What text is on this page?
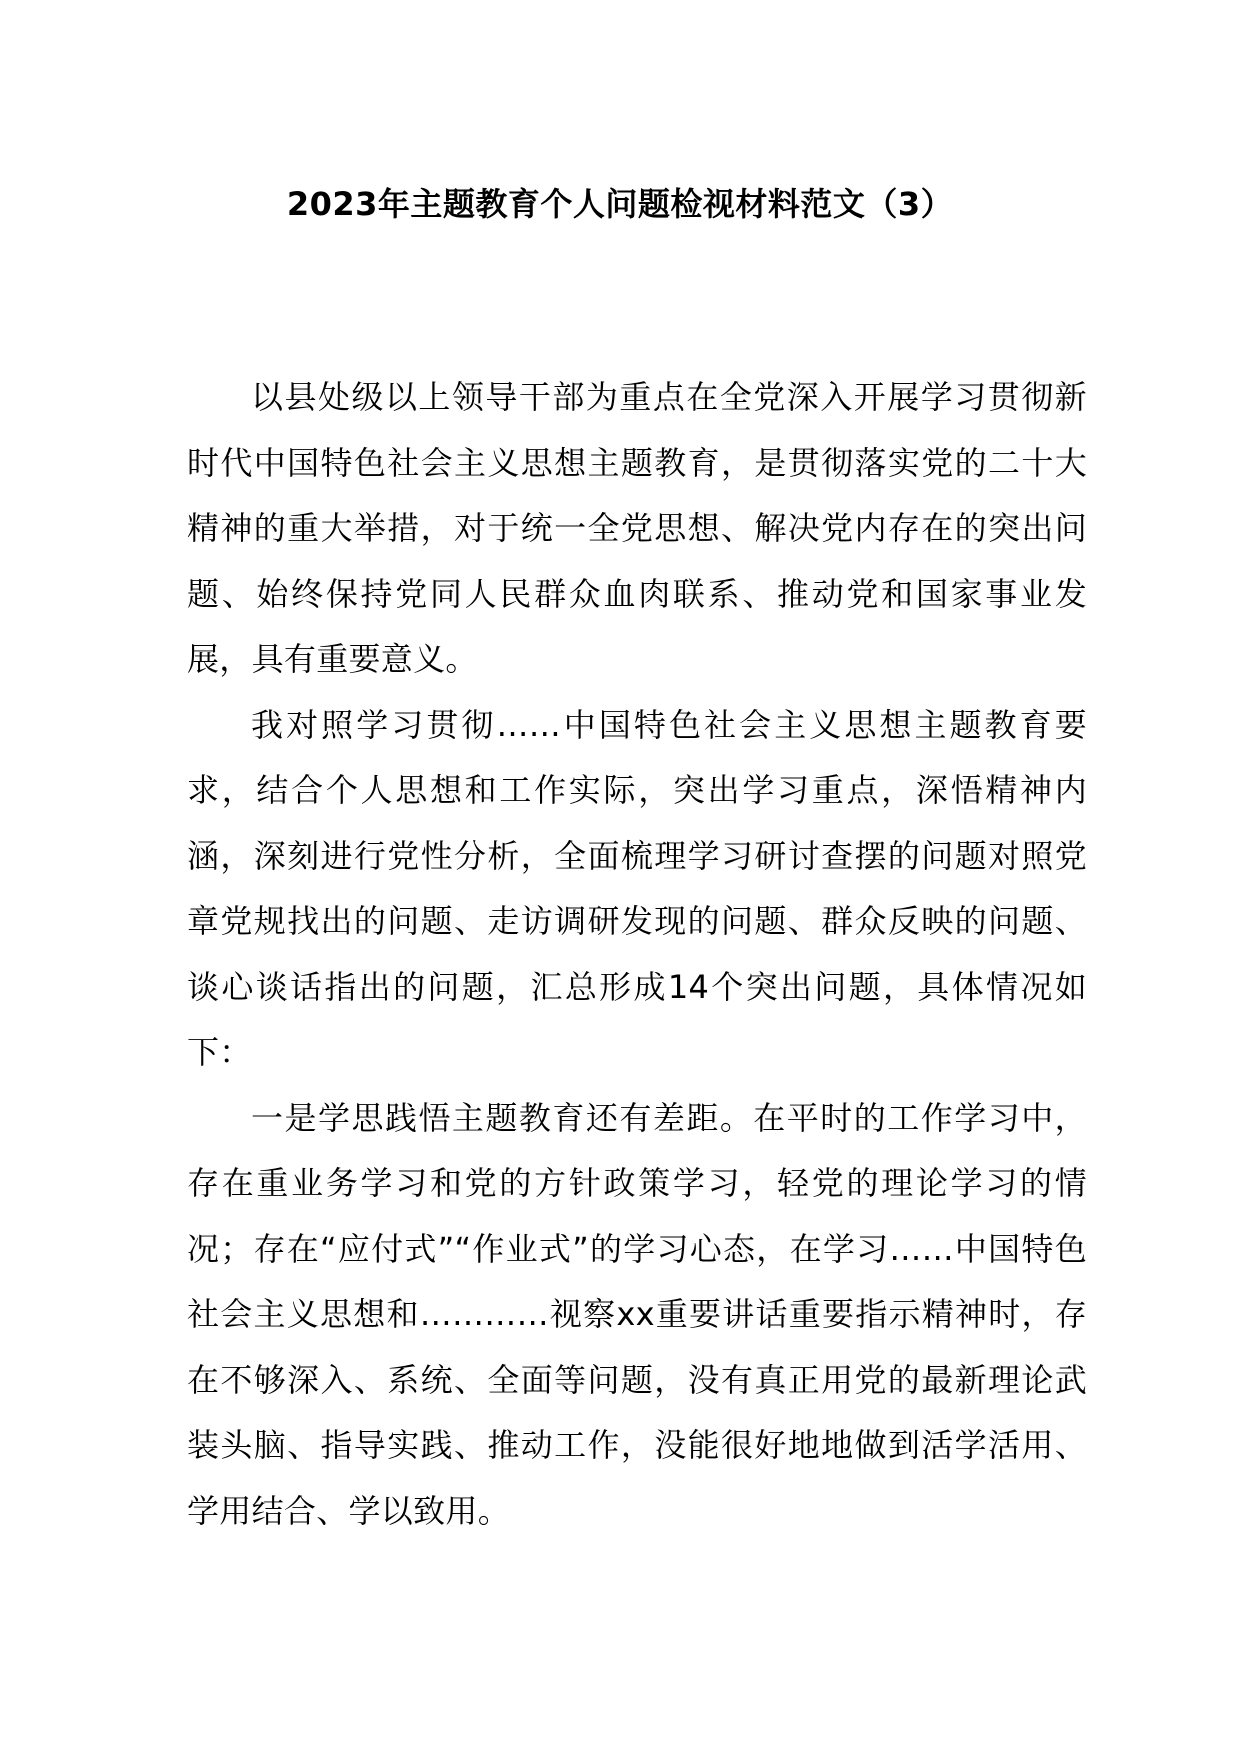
2023年主题教育个人问题检视材料范文（3）

以县处级以上领导干部为重点在全党深入开展学习贯彻新时代中国特色社会主义思想主题教育，是贯彻落实党的二十大精神的重大举措，对于统一全党思想、解决党内存在的突出问题、始终保持党同人民群众血肉联系、推动党和国家事业发展，具有重要意义。

我对照学习贯彻……中国特色社会主义思想主题教育要求，结合个人思想和工作实际，突出学习重点，深悟精神内涵，深刻进行党性分析，全面梳理学习研讨查摆的问题对照党章党规找出的问题、走访调研发现的问题、群众反映的问题、谈心谈话指出的问题，汇总形成14个突出问题，具体情况如下：

一是学思践悟主题教育还有差距。在平时的工作学习中，存在重业务学习和党的方针政策学习，轻党的理论学习的情况；存在“应付式”“作业式”的学习心态，在学习……中国特色社会主义思想和…………视察xx重要讲话重要指示精神时，存在不够深入、系统、全面等问题，没有真正用党的最新理论武装头脑、指导实践、推动工作，没能很好地地做到活学活用、学用结合、学以致用。
